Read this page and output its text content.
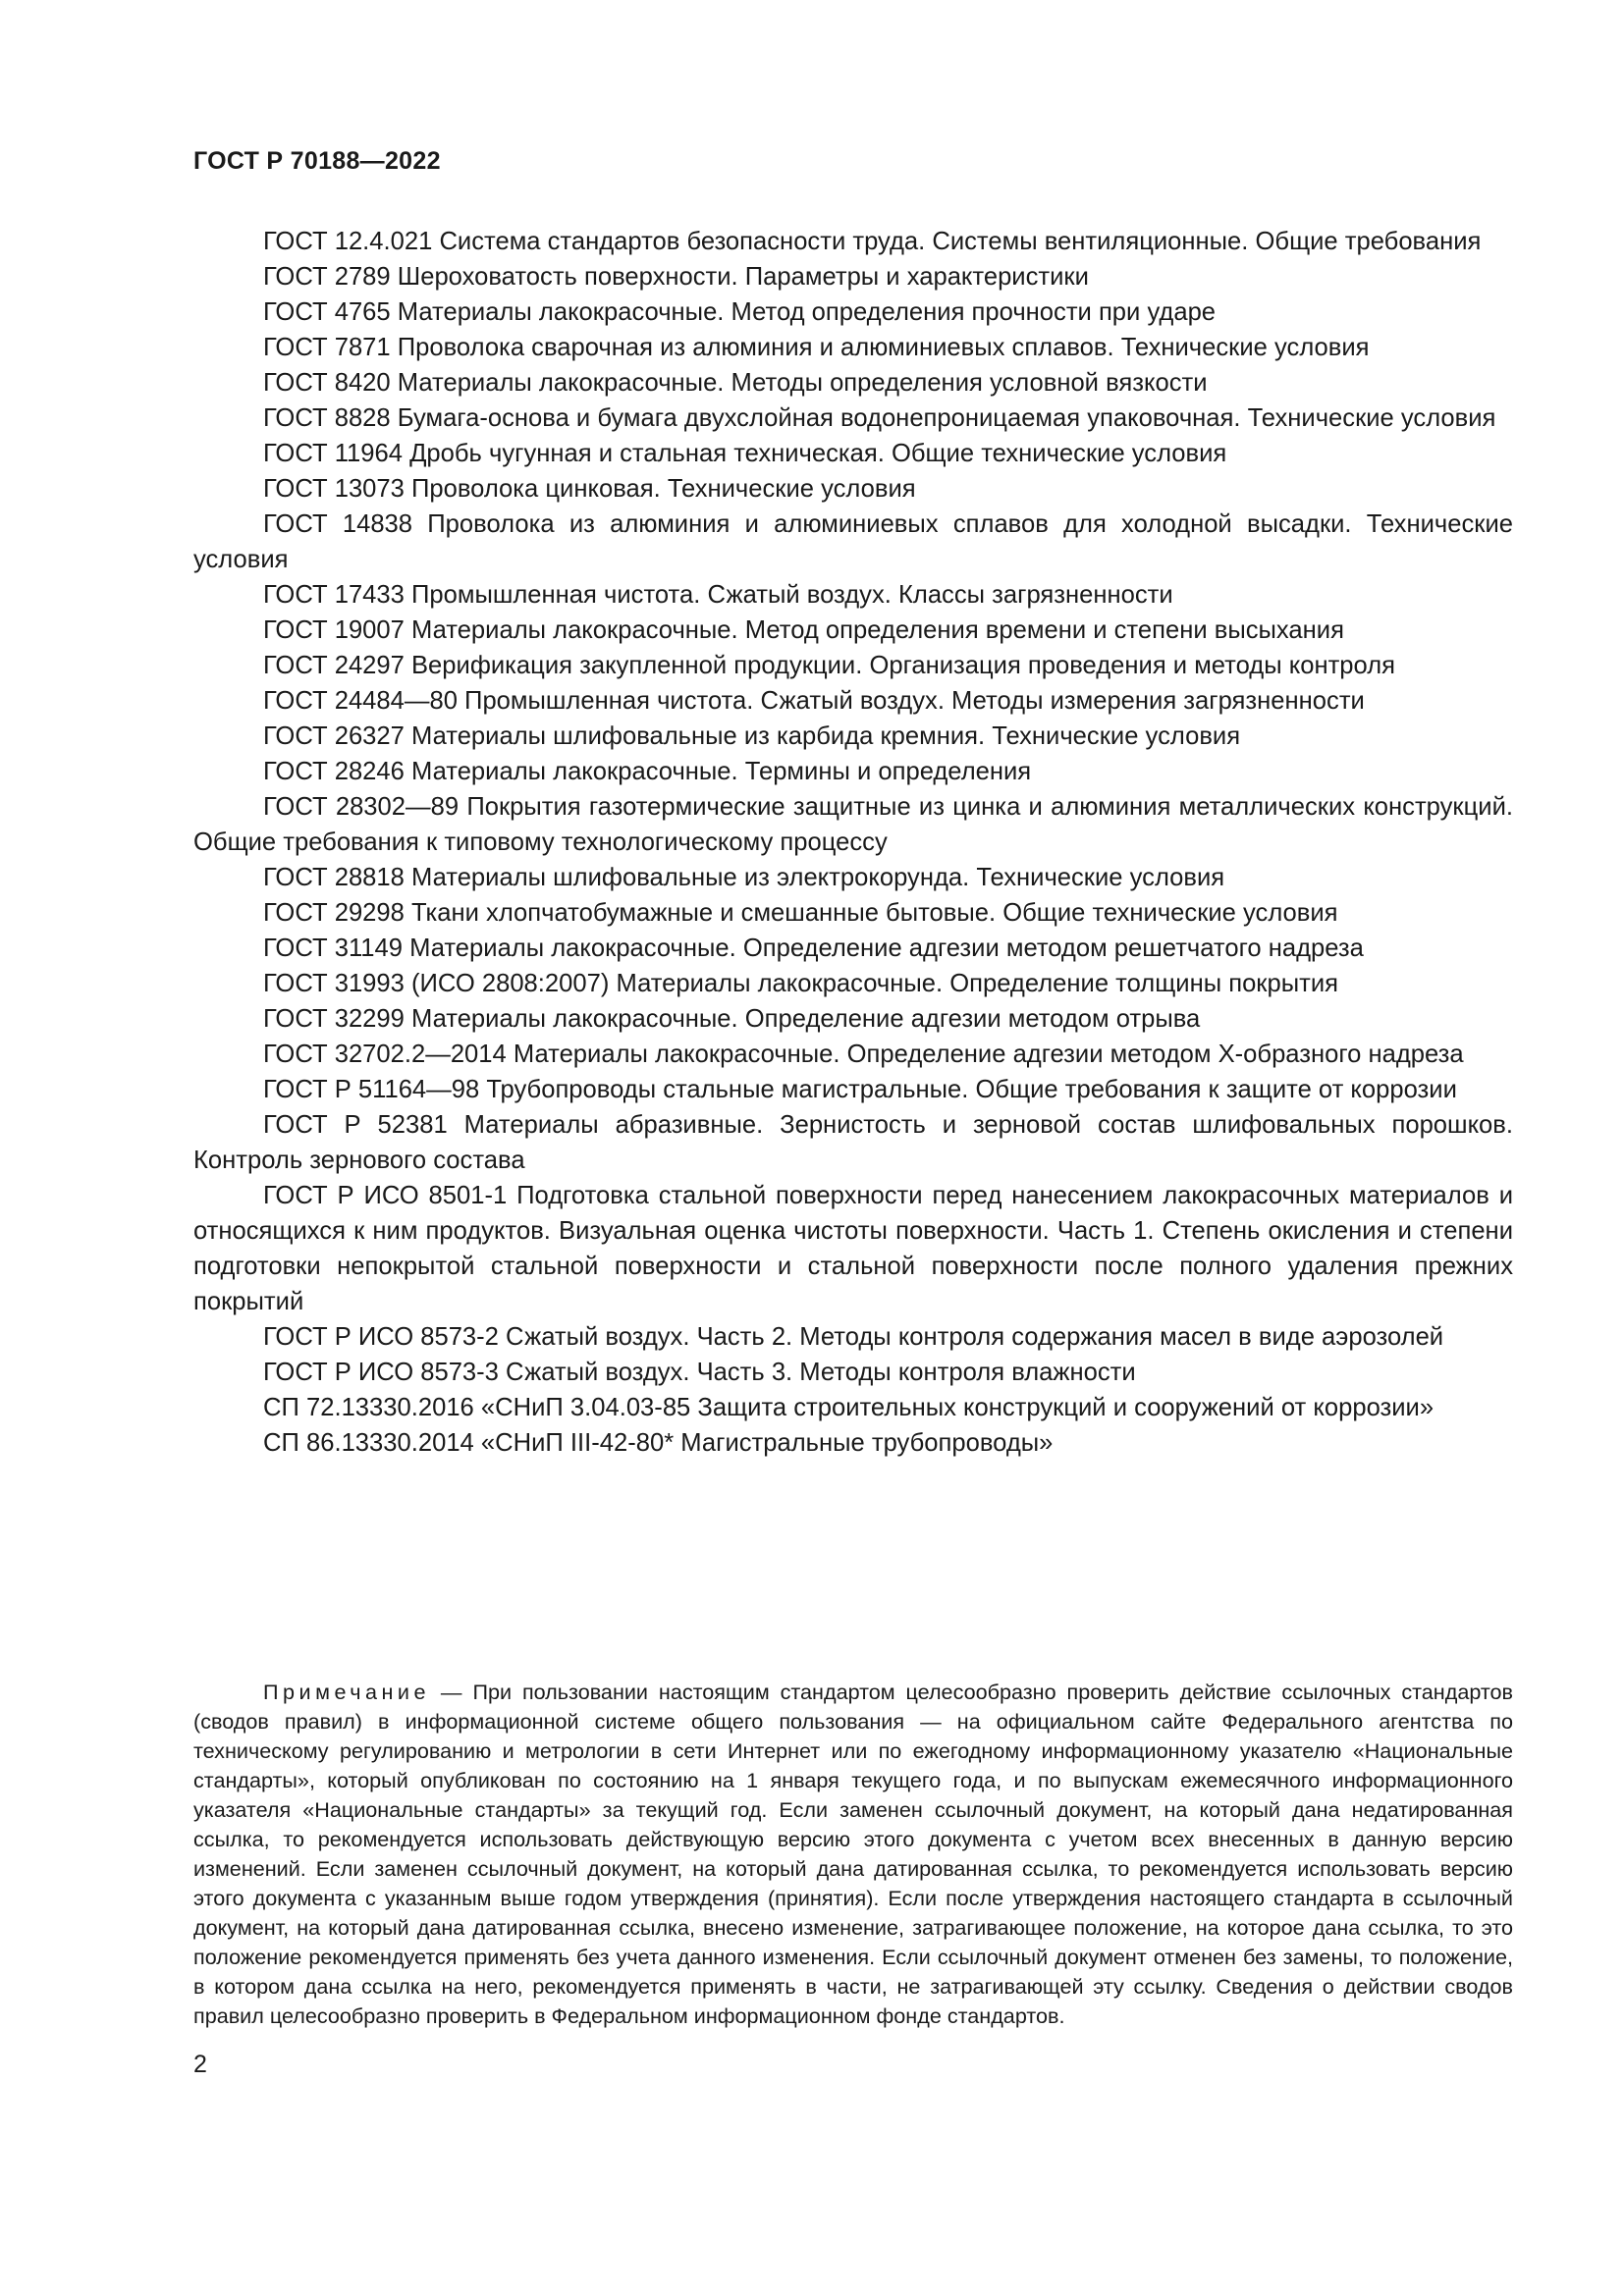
ГОСТ Р 70188—2022

ГОСТ 12.4.021 Система стандартов безопасности труда. Системы вентиляционные. Общие требования

ГОСТ 2789 Шероховатость поверхности. Параметры и характеристики

ГОСТ 4765 Материалы лакокрасочные. Метод определения прочности при ударе

ГОСТ 7871 Проволока сварочная из алюминия и алюминиевых сплавов. Технические условия

ГОСТ 8420 Материалы лакокрасочные. Методы определения условной вязкости

ГОСТ 8828 Бумага-основа и бумага двухслойная водонепроницаемая упаковочная. Технические условия

ГОСТ 11964 Дробь чугунная и стальная техническая. Общие технические условия

ГОСТ 13073 Проволока цинковая. Технические условия

ГОСТ 14838 Проволока из алюминия и алюминиевых сплавов для холодной высадки. Технические условия

ГОСТ 17433 Промышленная чистота. Сжатый воздух. Классы загрязненности

ГОСТ 19007 Материалы лакокрасочные. Метод определения времени и степени высыхания

ГОСТ 24297 Верификация закупленной продукции. Организация проведения и методы контроля

ГОСТ 24484—80 Промышленная чистота. Сжатый воздух. Методы измерения загрязненности

ГОСТ 26327 Материалы шлифовальные из карбида кремния. Технические условия

ГОСТ 28246 Материалы лакокрасочные. Термины и определения

ГОСТ 28302—89 Покрытия газотермические защитные из цинка и алюминия металлических конструкций. Общие требования к типовому технологическому процессу

ГОСТ 28818 Материалы шлифовальные из электрокорунда. Технические условия

ГОСТ 29298 Ткани хлопчатобумажные и смешанные бытовые. Общие технические условия

ГОСТ 31149 Материалы лакокрасочные. Определение адгезии методом решетчатого надреза

ГОСТ 31993 (ИСО 2808:2007) Материалы лакокрасочные. Определение толщины покрытия

ГОСТ 32299 Материалы лакокрасочные. Определение адгезии методом отрыва

ГОСТ 32702.2—2014 Материалы лакокрасочные. Определение адгезии методом X-образного надреза

ГОСТ Р 51164—98 Трубопроводы стальные магистральные. Общие требования к защите от коррозии

ГОСТ Р 52381 Материалы абразивные. Зернистость и зерновой состав шлифовальных порошков. Контроль зернового состава

ГОСТ Р ИСО 8501-1 Подготовка стальной поверхности перед нанесением лакокрасочных материалов и относящихся к ним продуктов. Визуальная оценка чистоты поверхности. Часть 1. Степень окисления и степени подготовки непокрытой стальной поверхности и стальной поверхности после полного удаления прежних покрытий

ГОСТ Р ИСО 8573-2 Сжатый воздух. Часть 2. Методы контроля содержания масел в виде аэрозолей

ГОСТ Р ИСО 8573-3 Сжатый воздух. Часть 3. Методы контроля влажности

СП 72.13330.2016 «СНиП 3.04.03-85 Защита строительных конструкций и сооружений от коррозии»

СП 86.13330.2014 «СНиП III-42-80* Магистральные трубопроводы»

Примечание — При пользовании настоящим стандартом целесообразно проверить действие ссылочных стандартов (сводов правил) в информационной системе общего пользования — на официальном сайте Федерального агентства по техническому регулированию и метрологии в сети Интернет или по ежегодному информационному указателю «Национальные стандарты», который опубликован по состоянию на 1 января текущего года, и по выпускам ежемесячного информационного указателя «Национальные стандарты» за текущий год. Если заменен ссылочный документ, на который дана недатированная ссылка, то рекомендуется использовать действующую версию этого документа с учетом всех внесенных в данную версию изменений. Если заменен ссылочный документ, на который дана датированная ссылка, то рекомендуется использовать версию этого документа с указанным выше годом утверждения (принятия). Если после утверждения настоящего стандарта в ссылочный документ, на который дана датированная ссылка, внесено изменение, затрагивающее положение, на которое дана ссылка, то это положение рекомендуется применять без учета данного изменения. Если ссылочный документ отменен без замены, то положение, в котором дана ссылка на него, рекомендуется применять в части, не затрагивающей эту ссылку. Сведения о действии сводов правил целесообразно проверить в Федеральном информационном фонде стандартов.

2
